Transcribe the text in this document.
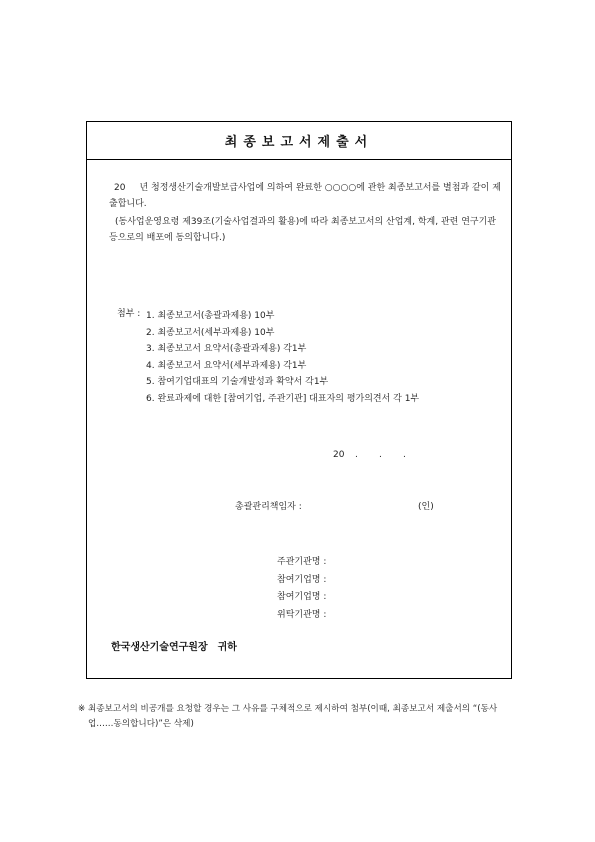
최종보고서제출서
20 년 청정생산기술개발보급사업에 의하여 완료한 ○○○○에 관한 최종보고서를 별첨과 같이 제출합니다.
(동사업운영요령 제39조(기술사업결과의 활용)에 따라 최종보고서의 산업계, 학계, 관련 연구기관 등으로의 배포에 동의합니다.)
첨부 : 1. 최종보고서(총괄과제용) 10부
2. 최종보고서(세부과제용) 10부
3. 최종보고서 요약서(총괄과제용) 각1부
4. 최종보고서 요약서(세부과제용) 각1부
5. 참여기업대표의 기술개발성과 확약서 각1부
6. 완료과제에 대한 [참여기업, 주관기관] 대표자의 평가의견서 각 1부
20 . . .
총괄관리책임자 :	(인)
주관기관명 :
참여기업명 :
참여기업명 :
위탁기관명 :
한국생산기술연구원장 귀하
※ 최종보고서의 비공개를 요청할 경우는 그 사유를 구체적으로 제시하여 첨부(이때, 최종보고서 제출서의 “(동사업……동의합니다)”은 삭제)
